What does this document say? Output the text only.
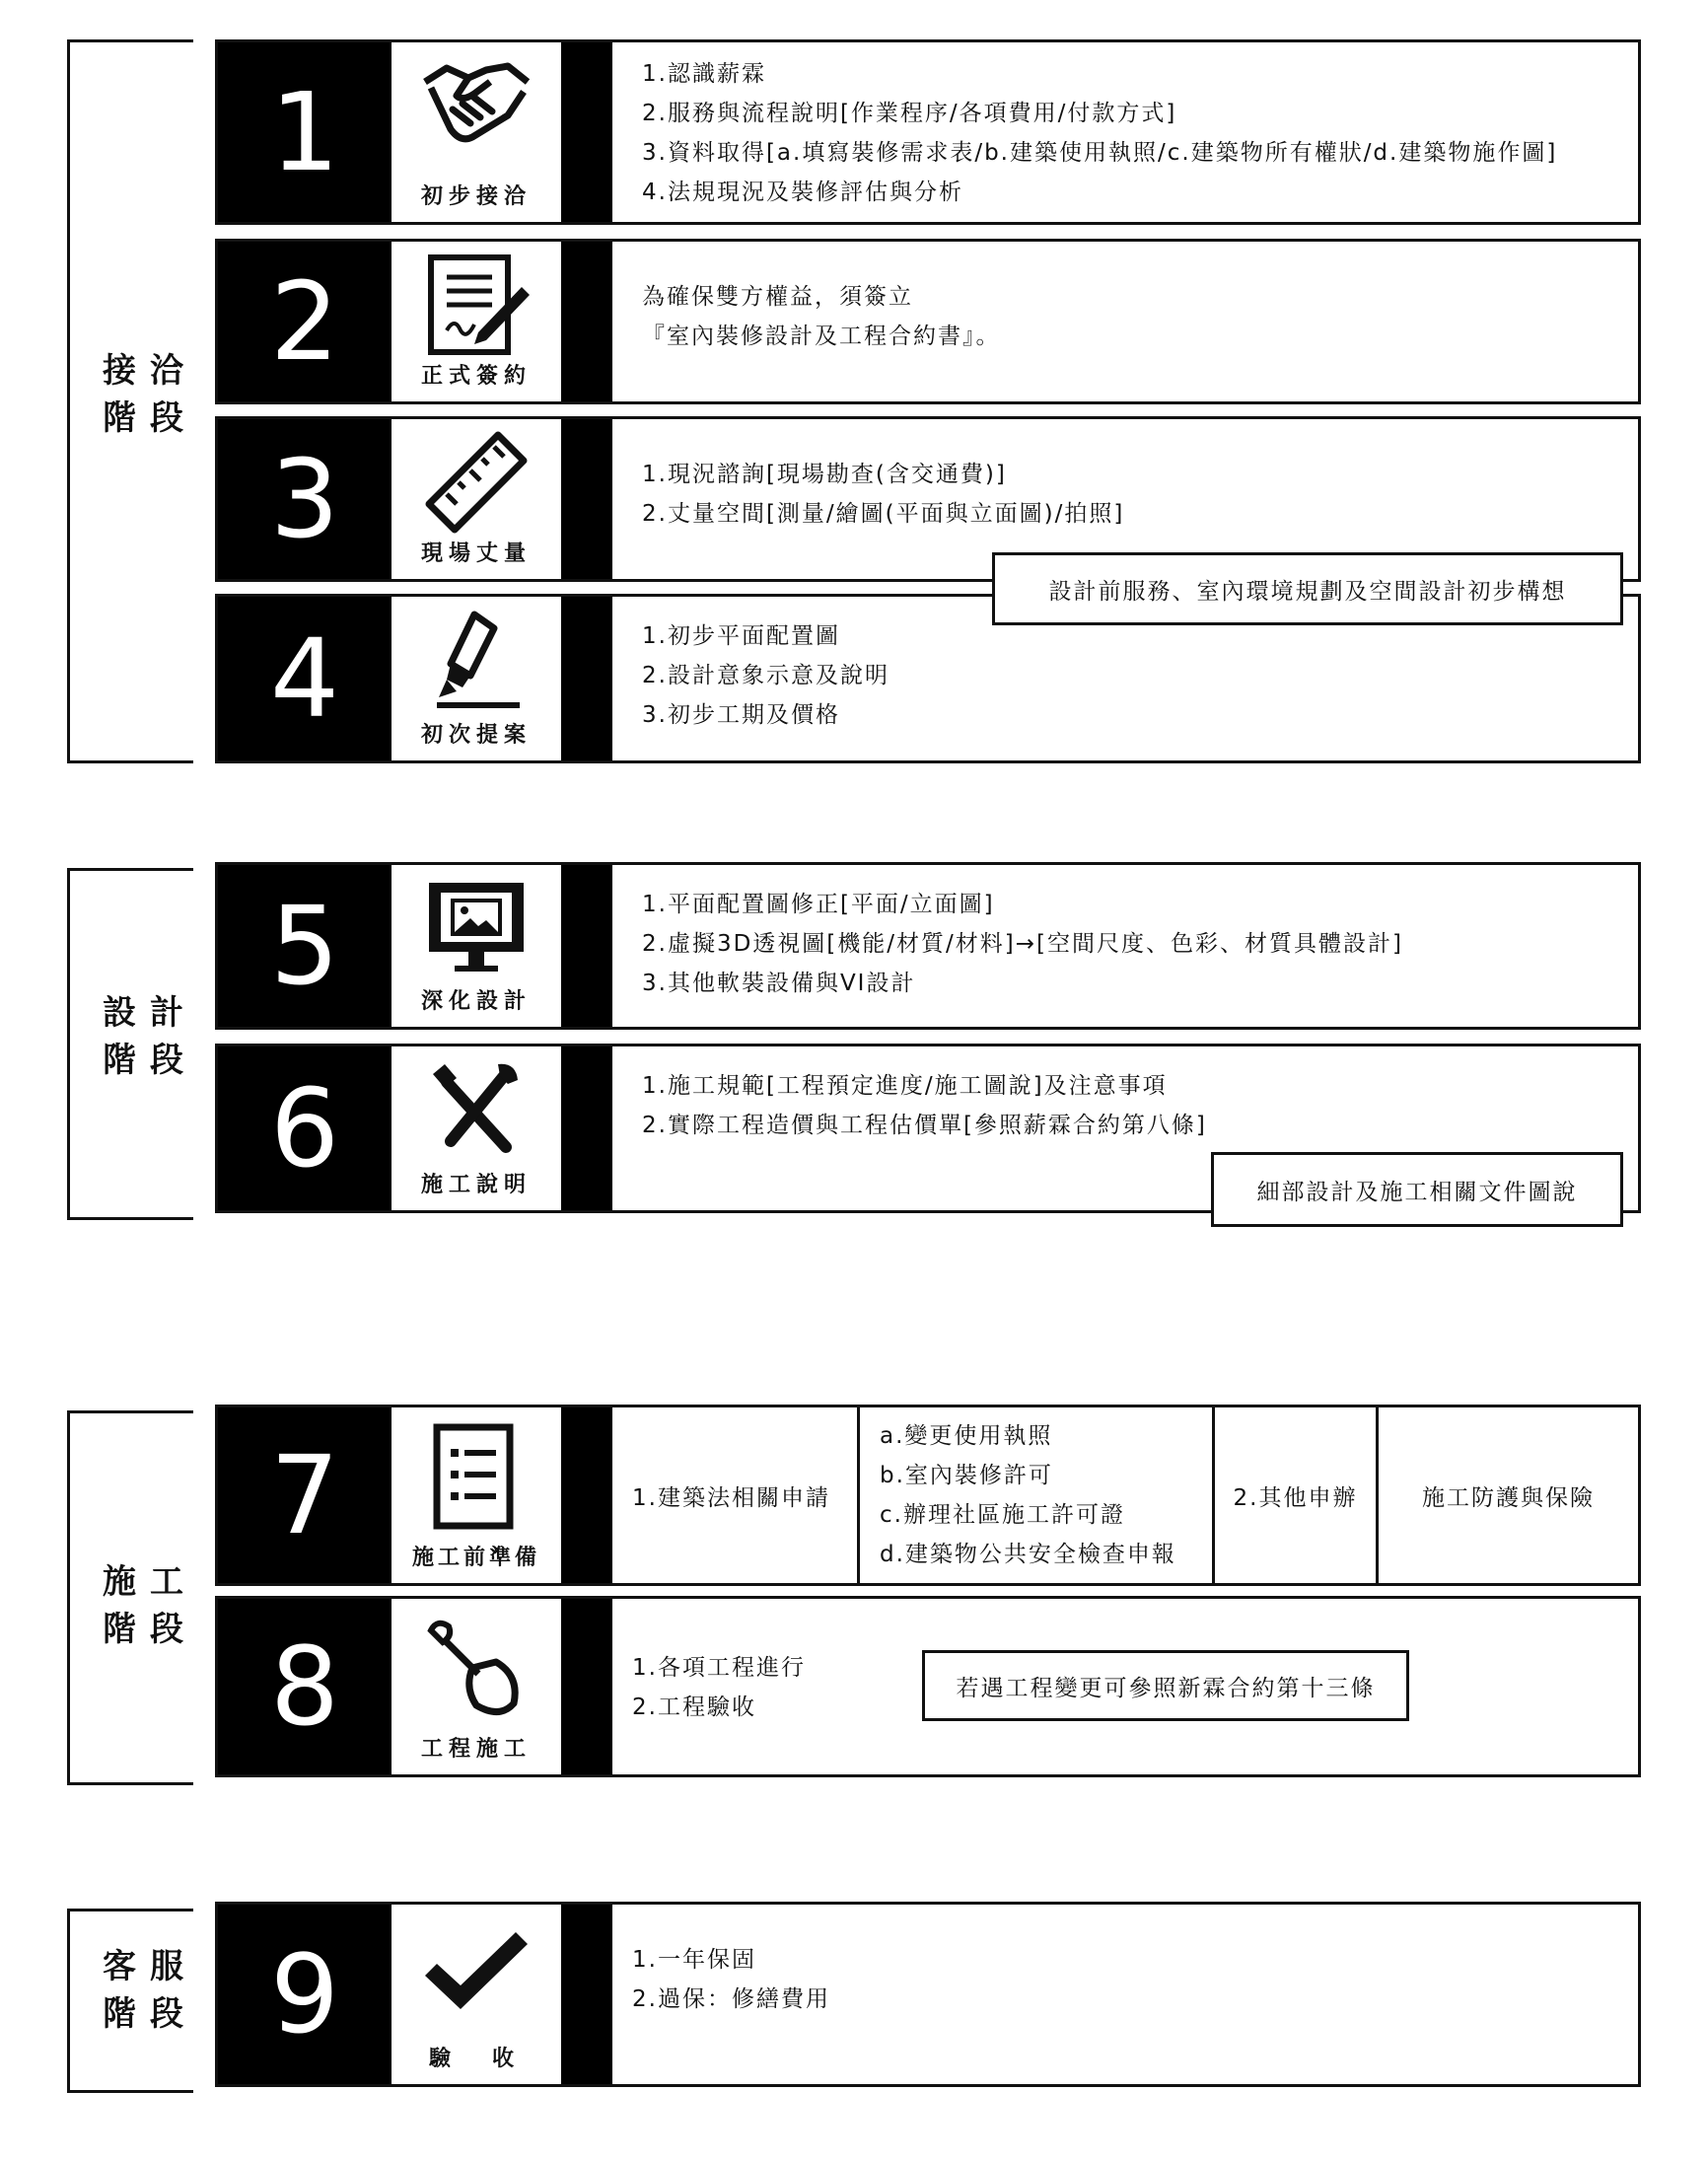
接洽
階段
設計
階段
施工
階段
客服
階段
1
初步接洽
1.認識薪霖
2.服務與流程說明[作業程序/各項費用/付款方式]
3.資料取得[a.填寫裝修需求表/b.建築使用執照/c.建築物所有權狀/d.建築物施作圖]
4.法規現況及裝修評估與分析
2	正式簽約
為確保雙方權益，須簽立
『室內裝修設計及工程合約書』。
3	現場丈量
1.現況諮詢[現場勘查(含交通費)]
2.丈量空間[測量/繪圖(平面與立面圖)/拍照]
4	初次提案
1.初步平面配置圖
2.設計意象示意及說明
3.初步工期及價格
設計前服務、室內環境規劃及空間設計初步構想
5	深化設計
1.平面配置圖修正[平面/立面圖]
2.虛擬3D透視圖[機能/材質/材料]→[空間尺度、色彩、材質具體設計]
3.其他軟裝設備與VI設計
6	施工說明
1.施工規範[工程預定進度/施工圖說]及注意事項
2.實際工程造價與工程估價單[參照薪霖合約第八條]
細部設計及施工相關文件圖說
7	施工前準備
1.建築法相關申請
a.變更使用執照
b.室內裝修許可
c.辦理社區施工許可證
d.建築物公共安全檢查申報
2.其他申辦	施工防護與保險
8	工程施工
1.各項工程進行
2.工程驗收
若遇工程變更可參照新霖合約第十三條
9
驗　收
1.一年保固
2.過保：修繕費用
